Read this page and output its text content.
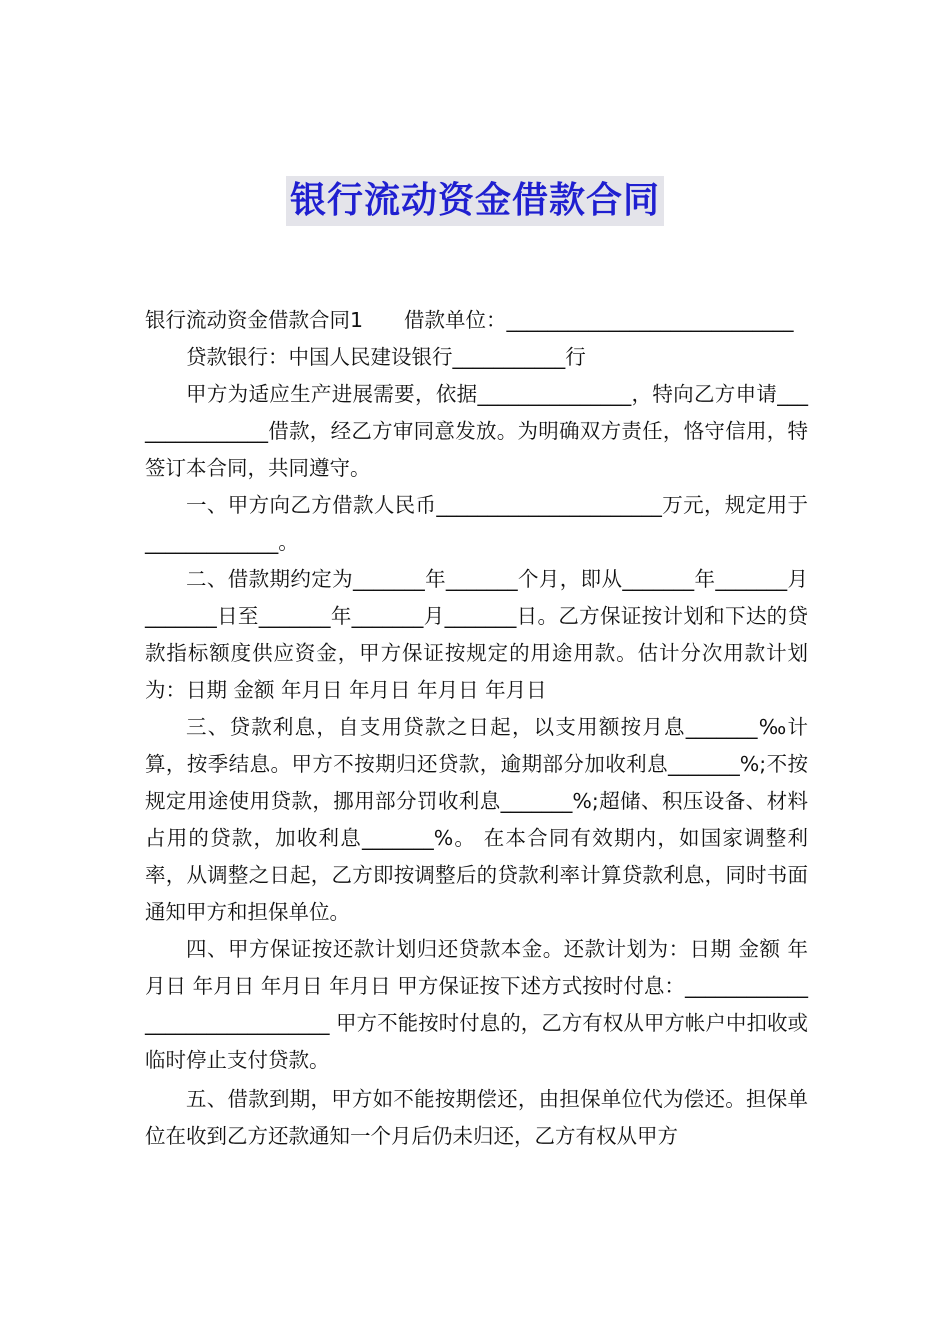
银行流动资金借款合同

银行流动资金借款合同1　　借款单位：____________________________

贷款银行：中国人民建设银行___________行

甲方为适应生产进展需要，依据_______________，特向乙方申请_______________借款，经乙方审同意发放。为明确双方责任，恪守信用，特签订本合同，共同遵守。

一、甲方向乙方借款人民币______________________万元，规定用于_____________。

二、借款期约定为_______年_______个月，即从_______年_______月_______日至_______年_______月_______日。乙方保证按计划和下达的贷款指标额度供应资金，甲方保证按规定的用途用款。估计分次用款计划为：日期 金额 年月日 年月日 年月日 年月日

三、贷款利息，自支用贷款之日起，以支用额按月息_______‰计算，按季结息。甲方不按期归还贷款，逾期部分加收利息_______%;不按规定用途使用贷款，挪用部分罚收利息_______%;超储、积压设备、材料占用的贷款，加收利息_______%。 在本合同有效期内，如国家调整利率，从调整之日起，乙方即按调整后的贷款利率计算贷款利息，同时书面通知甲方和担保单位。

四、甲方保证按还款计划归还贷款本金。还款计划为：日期 金额 年月日 年月日 年月日 年月日 甲方保证按下述方式按时付息：______________________________ 甲方不能按时付息的，乙方有权从甲方帐户中扣收或临时停止支付贷款。

五、借款到期，甲方如不能按期偿还，由担保单位代为偿还。担保单位在收到乙方还款通知一个月后仍未归还，乙方有权从甲方
